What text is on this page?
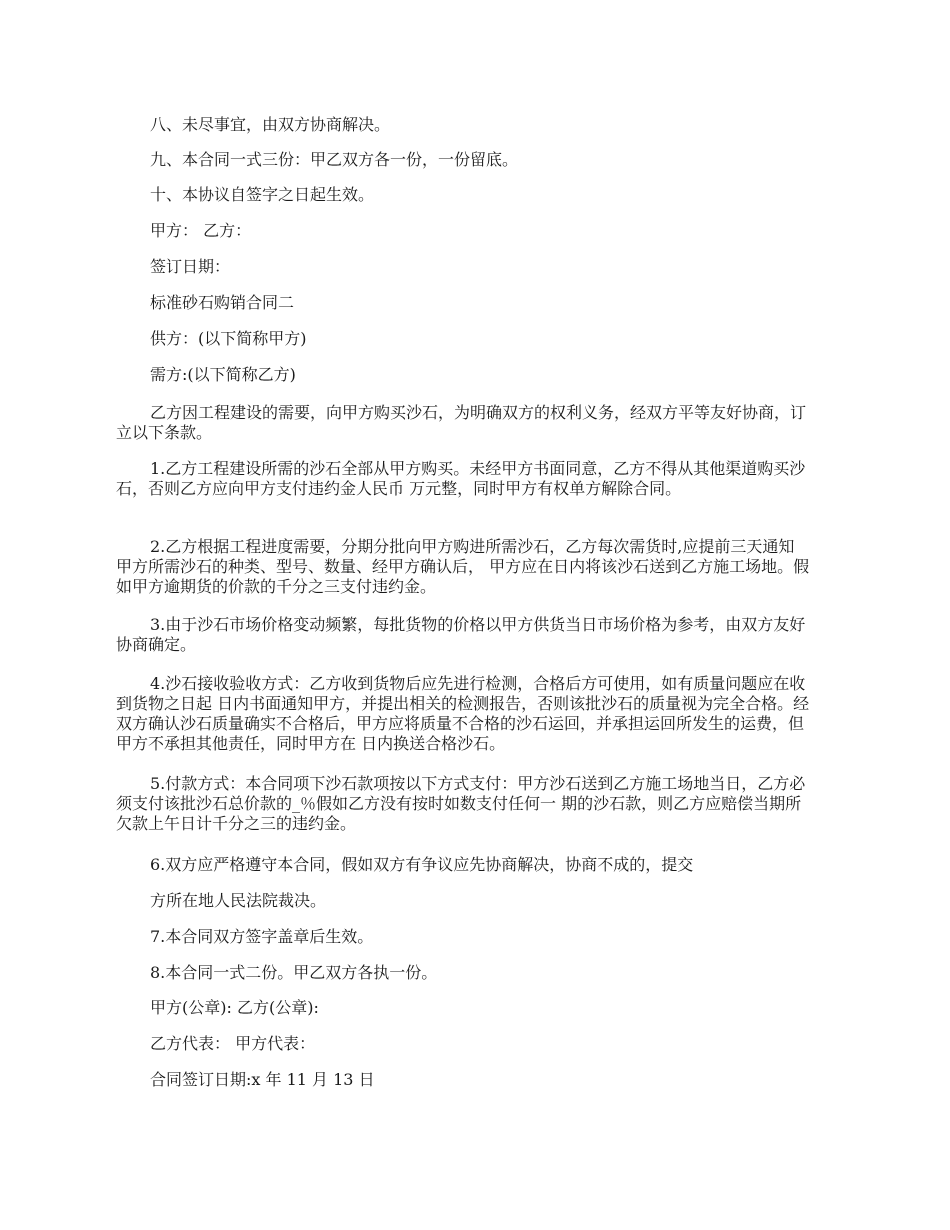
八、未尽事宜，由双方协商解决。
九、本合同一式三份：甲乙双方各一份，一份留底。
十、本协议自签字之日起生效。
甲方： 乙方：
签订日期：
标准砂石购销合同二
供方：(以下简称甲方)
需方:(以下简称乙方)
乙方因工程建设的需要，向甲方购买沙石，为明确双方的权利义务，经双方平等友好协商，订立以下条款。
1.乙方工程建设所需的沙石全部从甲方购买。未经甲方书面同意，乙方不得从其他渠道购买沙石，否则乙方应向甲方支付违约金人民币 万元整，同时甲方有权单方解除合同。
2.乙方根据工程进度需要，分期分批向甲方购进所需沙石，乙方每次需货时,应提前三天通知甲方所需沙石的种类、型号、数量、经甲方确认后， 甲方应在日内将该沙石送到乙方施工场地。假如甲方逾期货的价款的千分之三支付违约金。
3.由于沙石市场价格变动频繁，每批货物的价格以甲方供货当日市场价格为参考，由双方友好协商确定。
4.沙石接收验收方式：乙方收到货物后应先进行检测，合格后方可使用，如有质量问题应在收到货物之日起 日内书面通知甲方，并提出相关的检测报告，否则该批沙石的质量视为完全合格。经双方确认沙石质量确实不合格后，甲方应将质量不合格的沙石运回，并承担运回所发生的运费，但甲方不承担其他责任，同时甲方在 日内换送合格沙石。
5.付款方式：本合同项下沙石款项按以下方式支付：甲方沙石送到乙方施工场地当日，乙方必须支付该批沙石总价款的_％假如乙方没有按时如数支付任何一 期的沙石款，则乙方应赔偿当期所欠款上午日计千分之三的违约金。
6.双方应严格遵守本合同，假如双方有争议应先协商解决，协商不成的，提交
方所在地人民法院裁决。
7.本合同双方签字盖章后生效。
8.本合同一式二份。甲乙双方各执一份。
甲方(公章): 乙方(公章):
乙方代表： 甲方代表：
合同签订日期:x 年 11 月 13 日
